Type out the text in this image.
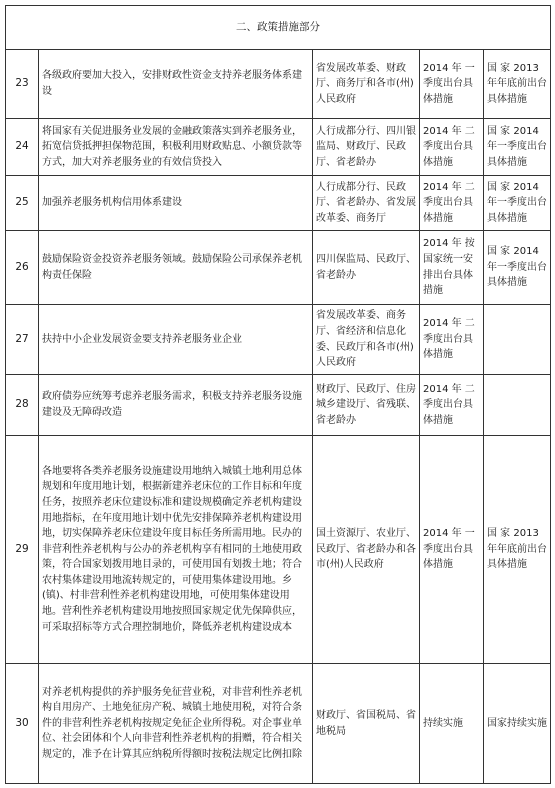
二、政策措施部分				
23	各级政府要加大投入，安排财政性资金支持养老服务体系建设	省发展改革委、财政厅、商务厅和各市(州)人民政府	2014 年 一季度出台具体措施	国 家 2013年年底前出台具体措施
24	将国家有关促进服务业发展的金融政策落实到养老服务业，拓宽信贷抵押担保物范围，积极利用财政贴息、小额贷款等方式，加大对养老服务业的有效信贷投入	人行成都分行、四川银监局、财政厅、民政厅、省老龄办	2014 年 二季度出台具体措施	国 家 2014年一季度出台具体措施
25	加强养老服务机构信用体系建设	人行成都分行、民政厅、省老龄办、省发展改革委、商务厅	2014 年 二季度出台具体措施	国 家 2014年一季度出台具体措施
26	鼓励保险资金投资养老服务领域。鼓励保险公司承保养老机构责任保险	四川保监局、民政厅、省老龄办	2014 年 按国家统一安排出台具体措施	国 家 2014年一季度出台具体措施
27	扶持中小企业发展资金要支持养老服务业企业	省发展改革委、商务厅、省经济和信息化委、民政厅和各市(州)人民政府	2014 年 二季度出台具体措施	
28	政府债券应统筹考虑养老服务需求，积极支持养老服务设施建设及无障碍改造	财政厅、民政厅、住房城乡建设厅、省残联、省老龄办	2014 年 二季度出台具体措施	
29	各地要将各类养老服务设施建设用地纳入城镇土地利用总体规划和年度用地计划，根据新建养老床位的工作目标和年度任务，按照养老床位建设标准和建设规模确定养老机构建设用地指标，在年度用地计划中优先安排保障养老机构建设用地，切实保障养老床位建设年度目标任务所需用地。民办的非营利性养老机构与公办的养老机构享有相同的土地使用政策，符合国家划拨用地目录的，可使用国有划拨土地；符合农村集体建设用地流转规定的，可使用集体建设用地。乡(镇)、村非营利性养老机构建设用地，可使用集体建设用地。营利性养老机构建设用地按照国家规定优先保障供应，可采取招标等方式合理控制地价，降低养老机构建设成本	国土资源厅、农业厅、民政厅、省老龄办和各市(州)人民政府	2014 年 一季度出台具体措施	国 家 2013年年底前出台具体措施
30	对养老机构提供的养护服务免征营业税，对非营利性养老机构自用房产、土地免征房产税、城镇土地使用税，对符合条件的非营利性养老机构按规定免征企业所得税。对企事业单位、社会团体和个人向非营利性养老机构的捐赠，符合相关规定的，准予在计算其应纳税所得额时按税法规定比例扣除	财政厅、省国税局、省地税局	持续实施	国家持续实施
